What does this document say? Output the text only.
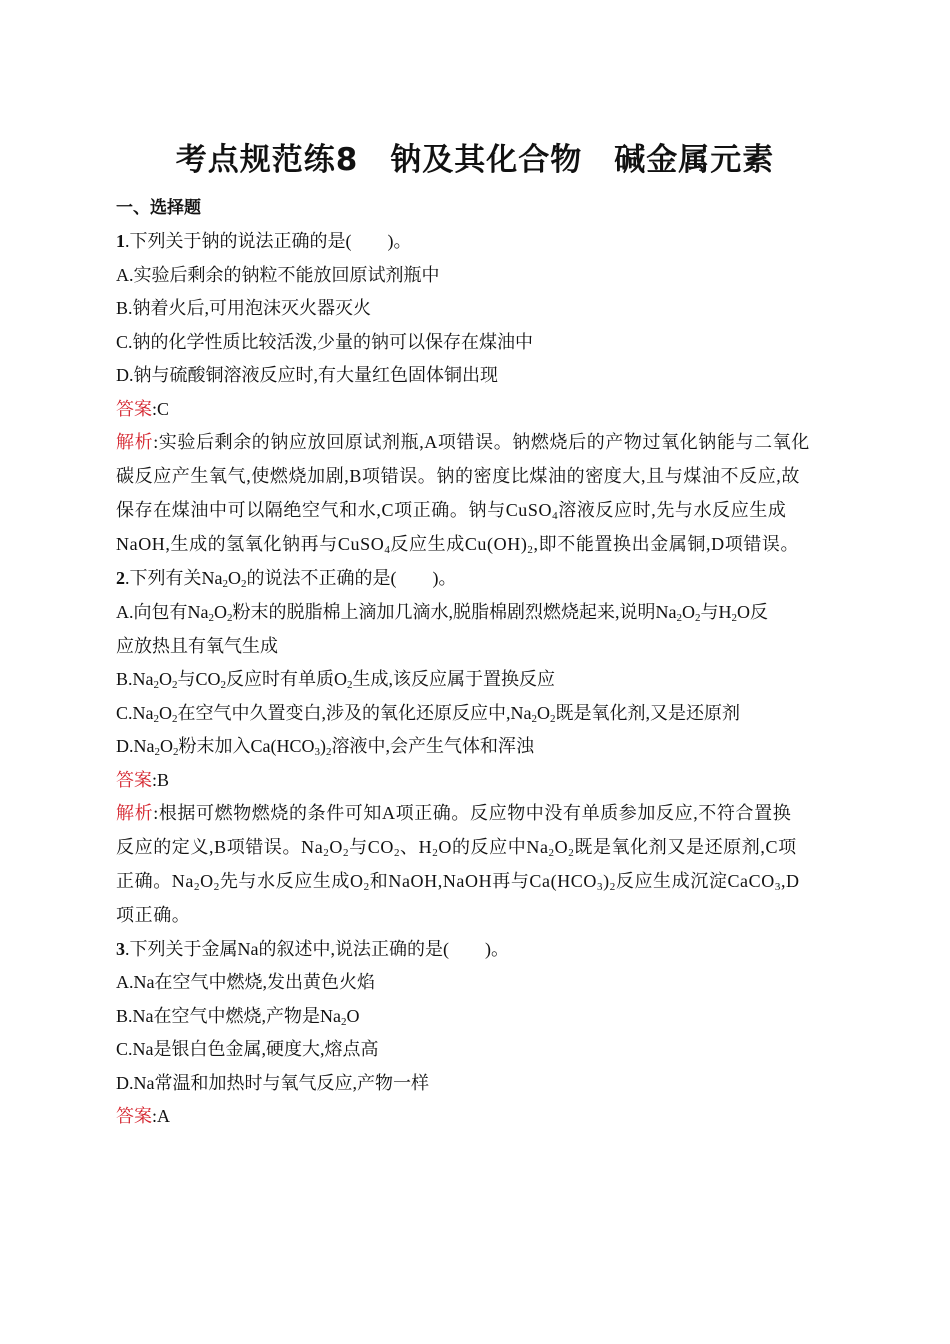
考点规范练8　钠及其化合物　碱金属元素
一、选择题
1.下列关于钠的说法正确的是(　　)。
A.实验后剩余的钠粒不能放回原试剂瓶中
B.钠着火后,可用泡沫灭火器灭火
C.钠的化学性质比较活泼,少量的钠可以保存在煤油中
D.钠与硫酸铜溶液反应时,有大量红色固体铜出现
答案:C
解析:实验后剩余的钠应放回原试剂瓶,A项错误。钠燃烧后的产物过氧化钠能与二氧化
碳反应产生氧气,使燃烧加剧,B项错误。钠的密度比煤油的密度大,且与煤油不反应,故
保存在煤油中可以隔绝空气和水,C项正确。钠与CuSO$_4$溶液反应时,先与水反应生成
NaOH,生成的氢氧化钠再与CuSO$_4$反应生成$Cu(OH)_2$,即不能置换出金属铜,D项错误。
2.下列有关$Na_2O_2$的说法不正确的是(　　)。
A.向包有$Na_2O_2$粉末的脱脂棉上滴加几滴水,脱脂棉剧烈燃烧起来,说明$Na_2O_2$与$H_2O$反
应放热且有氧气生成
$B.Na_2O_2$与$CO_2$反应时有单质$O_2$生成,该反应属于置换反应
$C.Na_2O_2$在空气中久置变白,涉及的氧化还原反应中$,Na_2O_2$既是氧化剂,又是还原剂
$D.Na_2O_2$粉末加入$Ca(HCO_3)_2$溶液中,会产生气体和浑浊
答案:B
解析:根据可燃物燃烧的条件可知A项正确。反应物中没有单质参加反应,不符合置换
反应的定义,B项错误。$Na_2O_2$与$CO_2$、$H_2O$的反应中$Na_2O_2$既是氧化剂又是还原剂,C项
正确。$Na_2O_2$先与水反应生成$O_2$和NaOH,NaOH再与$Ca(HCO_3)_2$反应生成沉淀CaCO$_3$,D
项正确。
3.下列关于金属Na的叙述中,说法正确的是(　　)。
A.Na在空气中燃烧,发出黄色火焰
B.Na在空气中燃烧,产物是$Na_2O$
C.Na是银白色金属,硬度大,熔点高
D.Na常温和加热时与氧气反应,产物一样
答案:A
